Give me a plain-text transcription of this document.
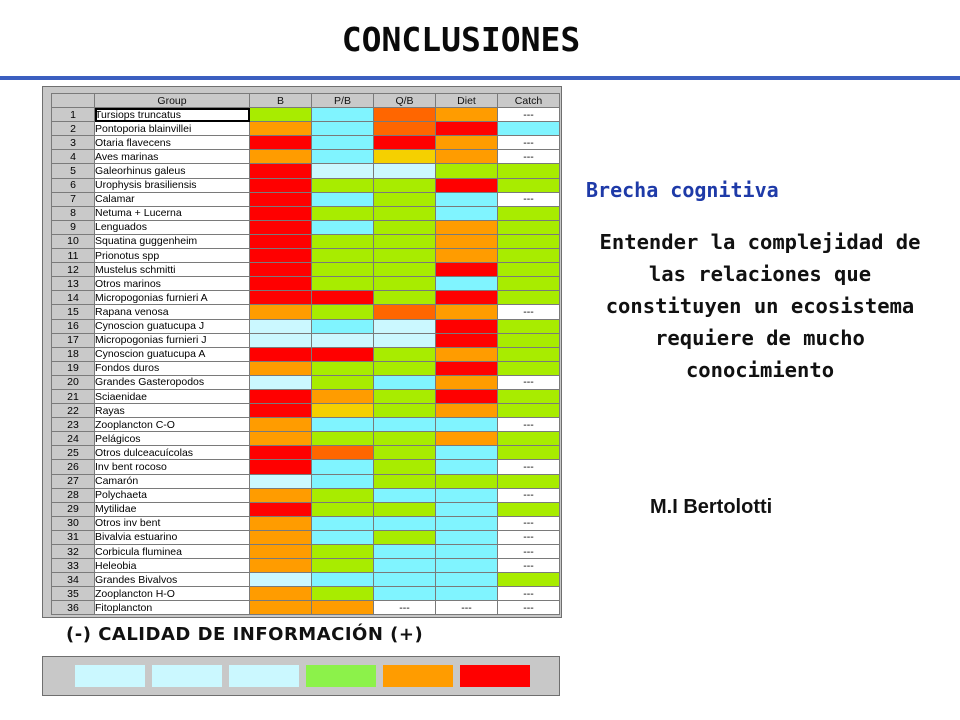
CONCLUSIONES
	Group	B	P/B	Q/B	Diet	Catch
1	Tursiops truncatus					---
2	Pontoporia blainvillei					
3	Otaria flavecens					---
4	Aves marinas					---
5	Galeorhinus galeus					
6	Urophysis brasiliensis					
7	Calamar					---
8	Netuma + Lucerna					
9	Lenguados					
10	Squatina guggenheim					
11	Prionotus spp					
12	Mustelus schmitti					
13	Otros marinos					
14	Micropogonias furnieri A					
15	Rapana venosa					---
16	Cynoscion guatucupa J					
17	Micropogonias furnieri J					
18	Cynoscion guatucupa A					
19	Fondos duros					
20	Grandes Gasteropodos					---
21	Sciaenidae					
22	Rayas					
23	Zooplancton C-O					---
24	Pelágicos					
25	Otros dulceacuícolas					
26	Inv bent rocoso					---
27	Camarón					
28	Polychaeta					---
29	Mytilidae					
30	Otros inv bent					---
31	Bivalvia estuarino					---
32	Corbicula fluminea					---
33	Heleobia					---
34	Grandes Bivalvos					
35	Zooplancton H-O					---
36	Fitoplancton			---	---	---
Brecha cognitiva
Entender la complejidad de las relaciones que constituyen un ecosistema requiere de mucho conocimiento
M.I Bertolotti
(-) CALIDAD DE INFORMACIÓN (+)
